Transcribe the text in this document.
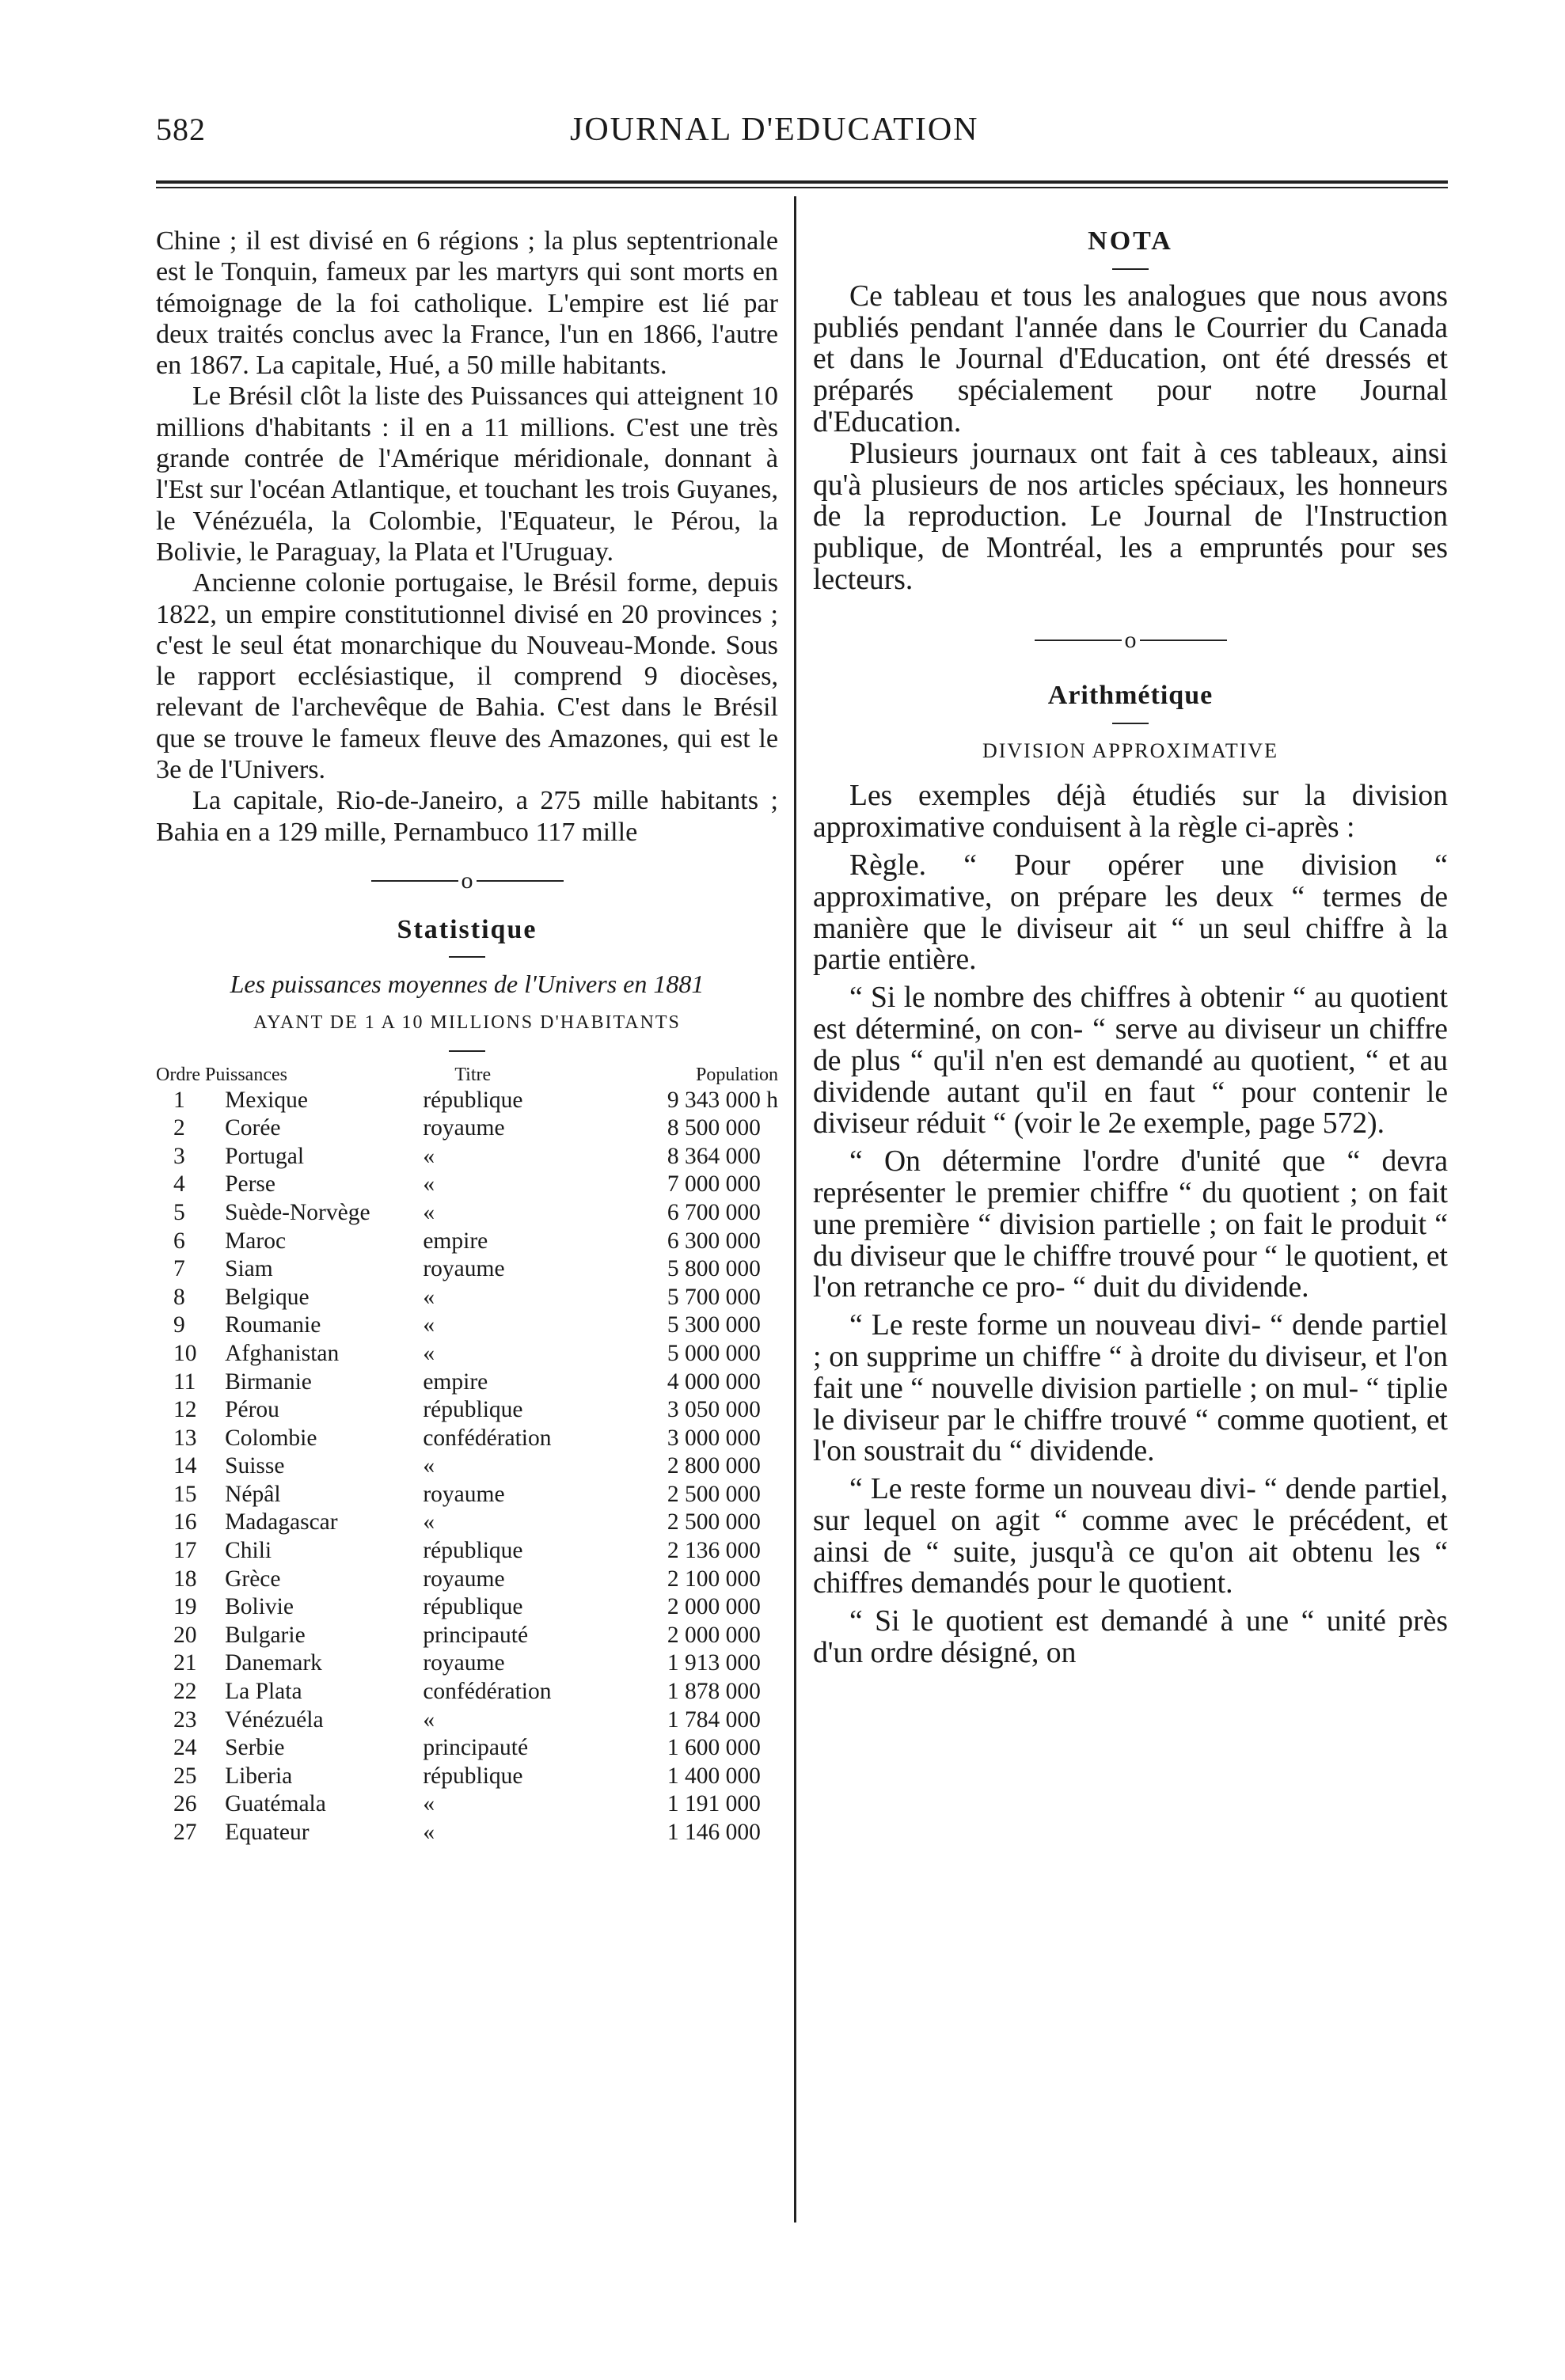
582	JOURNAL D'EDUCATION

Chine ; il est divisé en 6 régions ; la plus septentrionale est le Tonquin, fameux par les martyrs qui sont morts en témoignage de la foi catholique. L'empire est lié par deux traités conclus avec la France, l'un en 1866, l'autre en 1867. La capitale, Hué, a 50 mille habitants.

Le Brésil clôt la liste des Puissances qui atteignent 10 millions d'habitants : il en a 11 millions. C'est une très grande contrée de l'Amérique méridionale, donnant à l'Est sur l'océan Atlantique, et touchant les trois Guyanes, le Vénézuéla, la Colombie, l'Equateur, le Pérou, la Bolivie, le Paraguay, la Plata et l'Uruguay.

Ancienne colonie portugaise, le Brésil forme, depuis 1822, un empire constitutionnel divisé en 20 provinces ; c'est le seul état monarchique du Nouveau-Monde. Sous le rapport ecclésiastique, il comprend 9 diocèses, relevant de l'archevêque de Bahia. C'est dans le Brésil que se trouve le fameux fleuve des Amazones, qui est le 3e de l'Univers.

La capitale, Rio-de-Janeiro, a 275 mille habitants ; Bahia en a 129 mille, Pernambuco 117 mille

o

Statistique

Les puissances moyennes de l'Univers en 1881

AYANT DE 1 A 10 MILLIONS D'HABITANTS

Ordre Puissances		Titre	Population
1	Mexique	république	9 343 000 h
2	Corée	royaume	8 500 000
3	Portugal	«	8 364 000
4	Perse	«	7 000 000
5	Suède-Norvège	«	6 700 000
6	Maroc	empire	6 300 000
7	Siam	royaume	5 800 000
8	Belgique	«	5 700 000
9	Roumanie	«	5 300 000
10	Afghanistan	«	5 000 000
11	Birmanie	empire	4 000 000
12	Pérou	république	3 050 000
13	Colombie	confédération	3 000 000
14	Suisse	«	2 800 000
15	Népâl	royaume	2 500 000
16	Madagascar	«	2 500 000
17	Chili	république	2 136 000
18	Grèce	royaume	2 100 000
19	Bolivie	république	2 000 000
20	Bulgarie	principauté	2 000 000
21	Danemark	royaume	1 913 000
22	La Plata	confédération	1 878 000
23	Vénézuéla	«	1 784 000
24	Serbie	principauté	1 600 000
25	Liberia	république	1 400 000
26	Guatémala	«	1 191 000
27	Equateur	«	1 146 000

NOTA

Ce tableau et tous les analogues que nous avons publiés pendant l'année dans le Courrier du Canada et dans le Journal d'Education, ont été dressés et préparés spécialement pour notre Journal d'Education.

Plusieurs journaux ont fait à ces tableaux, ainsi qu'à plusieurs de nos articles spéciaux, les honneurs de la reproduction. Le Journal de l'Instruction publique, de Montréal, les a empruntés pour ses lecteurs.

o

Arithmétique

DIVISION APPROXIMATIVE

Les exemples déjà étudiés sur la division approximative conduisent à la règle ci-après :

Règle. “ Pour opérer une division “ approximative, on prépare les deux “ termes de manière que le diviseur ait “ un seul chiffre à la partie entière.

“ Si le nombre des chiffres à obtenir “ au quotient est déterminé, on con- “ serve au diviseur un chiffre de plus “ qu'il n'en est demandé au quotient, “ et au dividende autant qu'il en faut “ pour contenir le diviseur réduit “ (voir le 2e exemple, page 572).

“ On détermine l'ordre d'unité que “ devra représenter le premier chiffre “ du quotient ; on fait une première “ division partielle ; on fait le produit “ du diviseur que le chiffre trouvé pour “ le quotient, et l'on retranche ce pro- “ duit du dividende.

“ Le reste forme un nouveau divi- “ dende partiel ; on supprime un chiffre “ à droite du diviseur, et l'on fait une “ nouvelle division partielle ; on mul- “ tiplie le diviseur par le chiffre trouvé “ comme quotient, et l'on soustrait du “ dividende.

“ Le reste forme un nouveau divi- “ dende partiel, sur lequel on agit “ comme avec le précédent, et ainsi de “ suite, jusqu'à ce qu'on ait obtenu les “ chiffres demandés pour le quotient.

“ Si le quotient est demandé à une “ unité près d'un ordre désigné, on
